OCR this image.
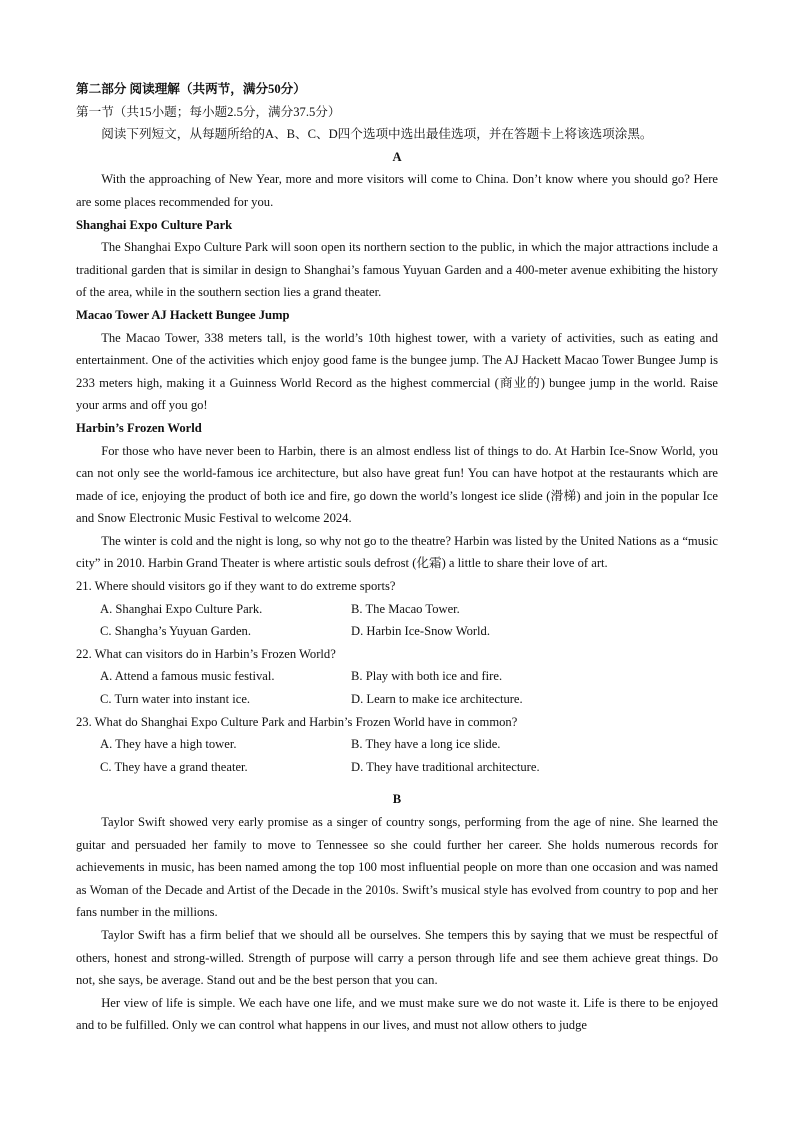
第二部分 阅读理解（共两节，满分50分）
第一节（共15小题；每小题2.5分，满分37.5分）
阅读下列短文，从每题所给的A、B、C、D四个选项中选出最佳选项，并在答题卡上将该选项涂黑。
A
With the approaching of New Year, more and more visitors will come to China. Don’t know where you should go? Here are some places recommended for you.
Shanghai Expo Culture Park
The Shanghai Expo Culture Park will soon open its northern section to the public, in which the major attractions include a traditional garden that is similar in design to Shanghai’s famous Yuyuan Garden and a 400-meter avenue exhibiting the history of the area, while in the southern section lies a grand theater.
Macao Tower AJ Hackett Bungee Jump
The Macao Tower, 338 meters tall, is the world’s 10th highest tower, with a variety of activities, such as eating and entertainment. One of the activities which enjoy good fame is the bungee jump. The AJ Hackett Macao Tower Bungee Jump is 233 meters high, making it a Guinness World Record as the highest commercial (商业的) bungee jump in the world. Raise your arms and off you go!
Harbin’s Frozen World
For those who have never been to Harbin, there is an almost endless list of things to do. At Harbin Ice-Snow World, you can not only see the world-famous ice architecture, but also have great fun! You can have hotpot at the restaurants which are made of ice, enjoying the product of both ice and fire, go down the world’s longest ice slide (滑梯) and join in the popular Ice and Snow Electronic Music Festival to welcome 2024.
The winter is cold and the night is long, so why not go to the theatre? Harbin was listed by the United Nations as a “music city” in 2010. Harbin Grand Theater is where artistic souls defrost (化霜) a little to share their love of art.
21. Where should visitors go if they want to do extreme sports?
A. Shanghai Expo Culture Park.	B. The Macao Tower.
C. Shangha’s Yuyuan Garden.	D. Harbin Ice-Snow World.
22. What can visitors do in Harbin’s Frozen World?
A. Attend a famous music festival.	B. Play with both ice and fire.
C. Turn water into instant ice.	D. Learn to make ice architecture.
23. What do Shanghai Expo Culture Park and Harbin’s Frozen World have in common?
A. They have a high tower.	B. They have a long ice slide.
C. They have a grand theater.	D. They have traditional architecture.
B
Taylor Swift showed very early promise as a singer of country songs, performing from the age of nine. She learned the guitar and persuaded her family to move to Tennessee so she could further her career. She holds numerous records for achievements in music, has been named among the top 100 most influential people on more than one occasion and was named as Woman of the Decade and Artist of the Decade in the 2010s. Swift’s musical style has evolved from country to pop and her fans number in the millions.
Taylor Swift has a firm belief that we should all be ourselves. She tempers this by saying that we must be respectful of others, honest and strong-willed. Strength of purpose will carry a person through life and see them achieve great things. Do not, she says, be average. Stand out and be the best person that you can.
Her view of life is simple. We each have one life, and we must make sure we do not waste it. Life is there to be enjoyed and to be fulfilled. Only we can control what happens in our lives, and must not allow others to judge
